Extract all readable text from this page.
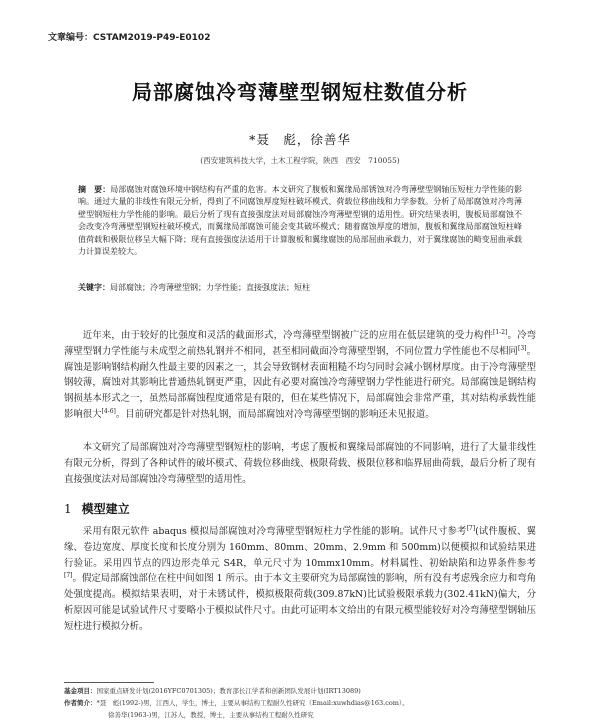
文章编号：CSTAM2019-P49-E0102
局部腐蚀冷弯薄壁型钢短柱数值分析
*聂　彪，徐善华
(西安建筑科技大学，土木工程学院，陕西　西安　710055)
摘　要：局部腐蚀对腐蚀环境中钢结构有严重的危害。本文研究了腹板和翼缘局部锈蚀对冷弯薄壁型钢轴压短柱力学性能的影响。通过大量的非线性有限元分析，得到了不同腐蚀厚度短柱破坏模式、荷载位移曲线和力学参数。分析了局部腐蚀对冷弯薄壁型钢短柱力学性能的影响。最后分析了现有直接强度法对局部腐蚀冷弯薄壁型钢的适用性。研究结果表明，腹板局部腐蚀不会改变冷弯薄壁型钢短柱破坏模式，而翼缘局部腐蚀可能会变其破坏模式；随着腐蚀厚度的增加，腹板和翼缘局部腐蚀短柱峰值荷载和极限位移呈大幅下降；现有直接强度法适用于计算腹板和翼缘腐蚀的局部屈曲承载力，对于翼缘腐蚀的畸变屈曲承载力计算误差较大。
关键字：局部腐蚀；冷弯薄壁型钢；力学性能；直接强度法；短柱
近年来，由于较好的比强度和灵活的截面形式，冷弯薄壁型钢被广泛的应用在低层建筑的受力构件[1-2]。冷弯薄壁型钢力学性能与未成型之前热轧钢并不相同，甚至相同截面冷弯薄壁型钢，不同位置力学性能也不尽相同[3]。腐蚀是影响钢结构耐久性最主要的因素之一，其会导致钢材表面粗糙不均匀同时会减小钢材厚度。由于冷弯薄壁型钢较薄，腐蚀对其影响比普通热轧钢更严重，因此有必要对腐蚀冷弯薄壁钢力学性能进行研究。局部腐蚀是钢结构钢损基本形式之一，虽然局部腐蚀程度通常是有限的，但在某些情况下，局部腐蚀会非常严重，其对结构承载性能影响很大[4-6]。目前研究都是针对热轧钢，而局部腐蚀对冷弯薄壁型钢的影响还未见报道。
本文研究了局部腐蚀对冷弯薄壁型钢短柱的影响，考虑了腹板和翼缘局部腐蚀的不同影响，进行了大量非线性有限元分析，得到了各种试件的破坏模式、荷载位移曲线、极限荷载、极限位移和临界屈曲荷载，最后分析了现有直接强度法对局部腐蚀冷弯薄壁型的适用性。
1 模型建立
采用有限元软件 abaqus 模拟局部腐蚀对冷弯薄壁型钢短柱力学性能的影响。试件尺寸参考[7](试件腹板、翼缘、卷边宽度、厚度长度和长度分别为 160mm、80mm、20mm、2.9mm 和 500mm)以便模拟和试验结果进行验证。采用四节点的四边形壳单元 S4R，单元尺寸为 10mmx10mm。材料属性、初始缺陷和边界条件参考[7]。假定局部腐蚀部位在柱中间如图 1 所示。由于本文主要研究为局部腐蚀的影响，所有没有考虑残余应力和弯角处强度提高。模拟结果表明，对于未锈试件，模拟极限荷载(309.87kN)比试验极限承载力(302.41kN)偏大，分析原因可能是试验试件尺寸要略小于模拟试件尺寸。由此可证明本文给出的有限元模型能较好对冷弯薄壁型钢轴压短柱进行模拟分析。
基金项目：国家重点研发计划(2016YFC0701305)；教育部长江学者和创新团队发展计划(IRT13089)
作者简介：*聂　彪(1992-)男，江西人，学生，博士，主要从事结构工程耐久性研究（Email:xuwhdias@163.com）。
徐善华(1963-)男，江苏人，教授，博士，主要从事结构工程耐久性研究
